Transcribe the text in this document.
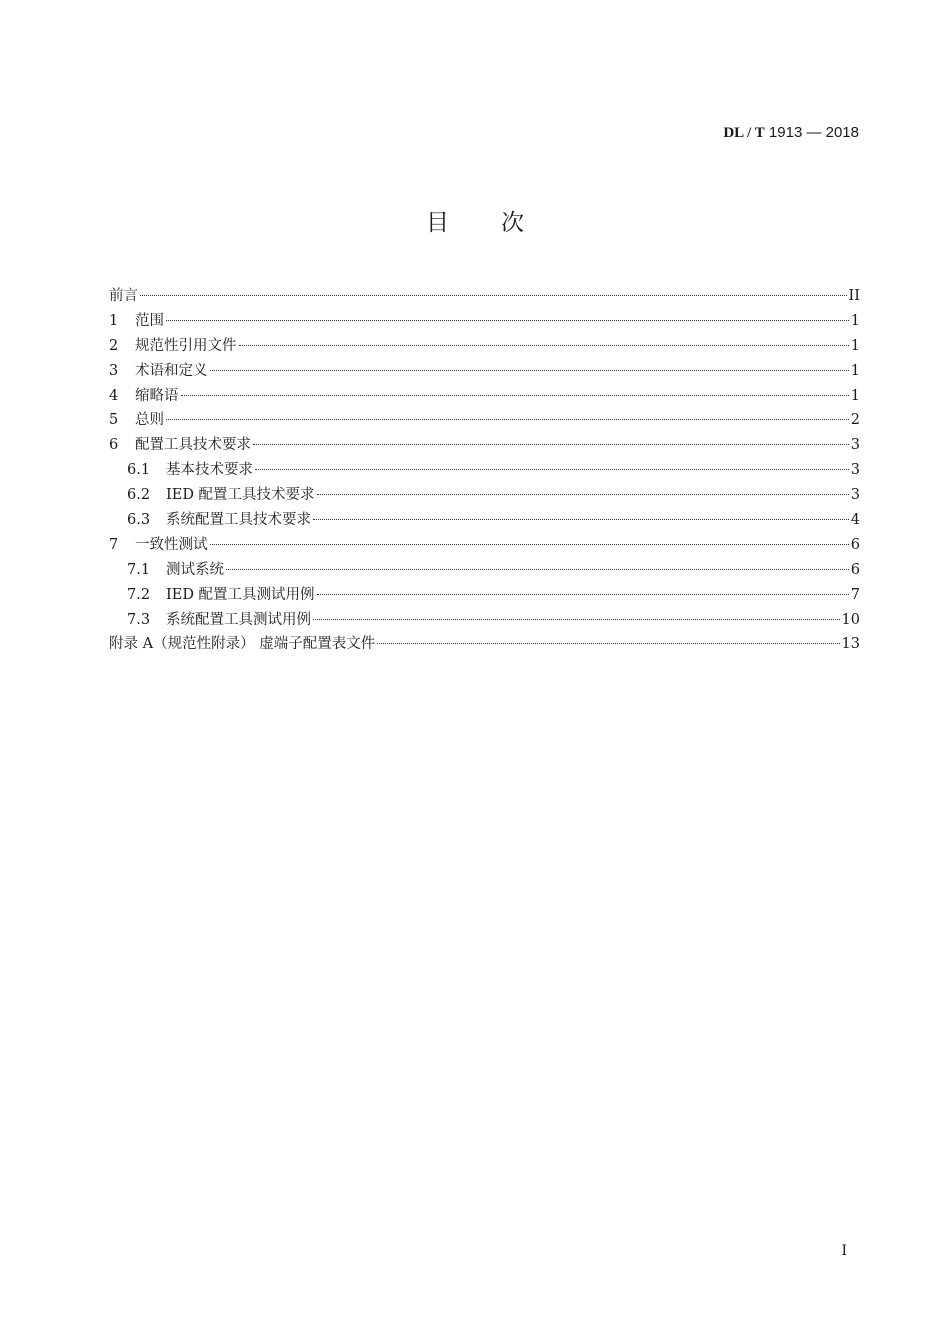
DL / T 1913 — 2018
目 次
前言	II
1	范围	1
2	规范性引用文件	1
3	术语和定义	1
4	缩略语	1
5	总则	2
6	配置工具技术要求	3
6.1	基本技术要求	3
6.2	IED 配置工具技术要求	3
6.3	系统配置工具技术要求	4
7	一致性测试	6
7.1	测试系统	6
7.2	IED 配置工具测试用例	7
7.3	系统配置工具测试用例	10
附录 A（规范性附录） 虚端子配置表文件	13
I
